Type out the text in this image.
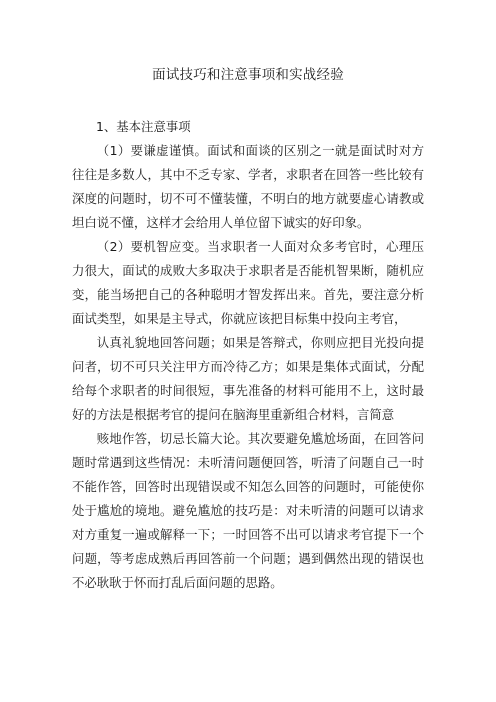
面试技巧和注意事项和实战经验
1、基本注意事项

（1）要谦虚谨慎。面试和面谈的区别之一就是面试时对方往往是多数人，其中不乏专家、学者，求职者在回答一些比较有深度的问题时，切不可不懂装懂，不明白的地方就要虚心请教或坦白说不懂，这样才会给用人单位留下诚实的好印象。

（2）要机智应变。当求职者一人面对众多考官时，心理压力很大，面试的成败大多取决于求职者是否能机智果断，随机应变，能当场把自己的各种聪明才智发挥出来。首先，要注意分析面试类型，如果是主导式，你就应该把目标集中投向主考官，

认真礼貌地回答问题；如果是答辩式，你则应把目光投向提问者，切不可只关注甲方而冷待乙方；如果是集体式面试，分配给每个求职者的时间很短，事先准备的材料可能用不上，这时最好的方法是根据考官的提问在脑海里重新组合材料，言简意

赅地作答，切忌长篇大论。其次要避免尴尬场面，在回答问题时常遇到这些情况：未听清问题便回答，听清了问题自己一时不能作答，回答时出现错误或不知怎么回答的问题时，可能使你处于尴尬的境地。避免尴尬的技巧是：对未听清的问题可以请求对方重复一遍或解释一下；一时回答不出可以请求考官提下一个问题，等考虑成熟后再回答前一个问题；遇到偶然出现的错误也不必耿耿于怀而打乱后面问题的思路。
